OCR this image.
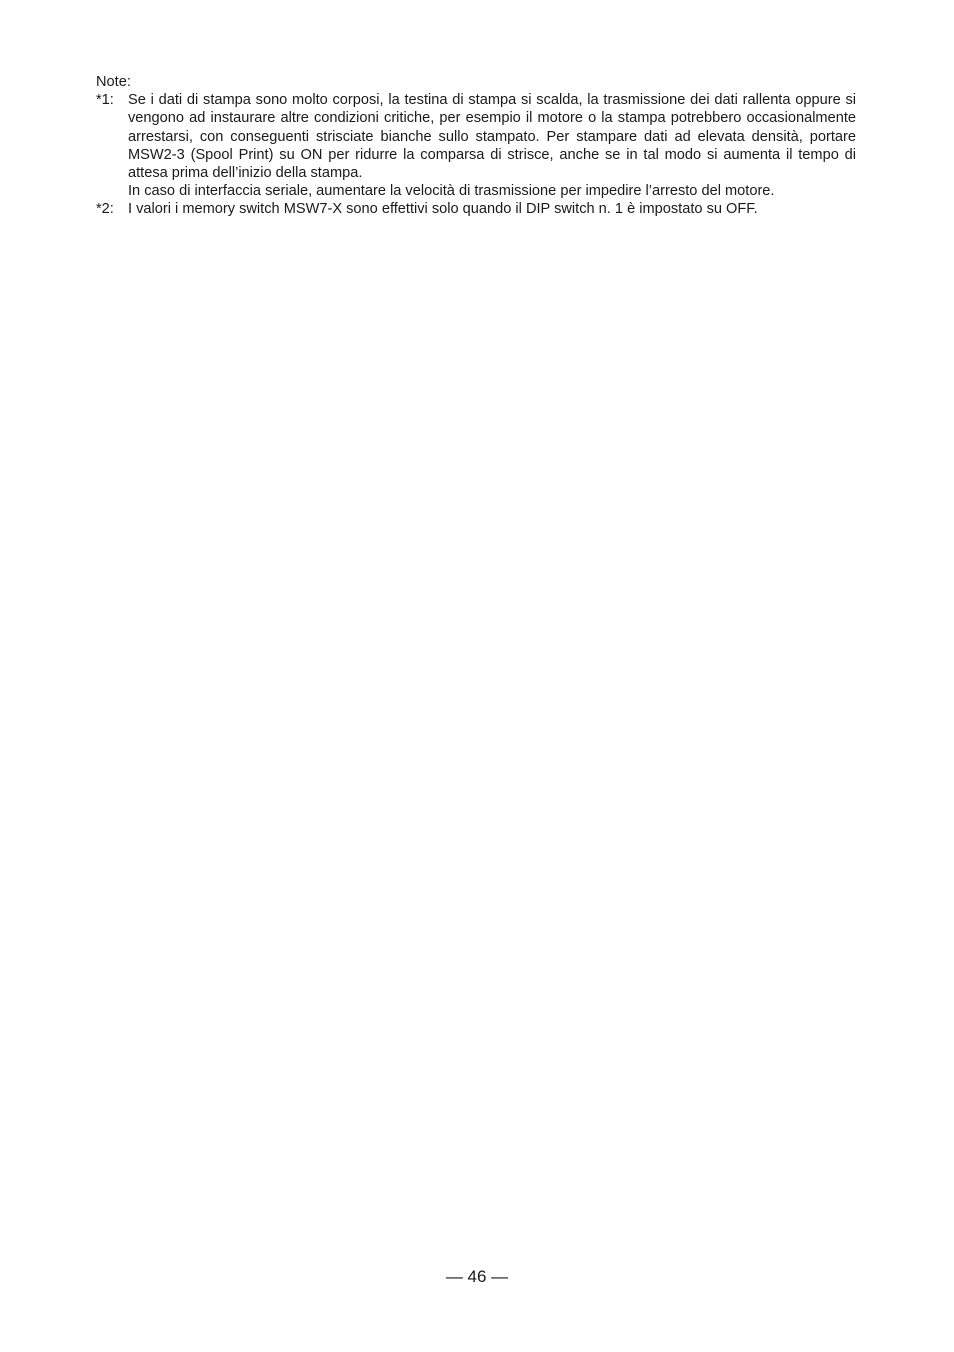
Note:

*1: Se i dati di stampa sono molto corposi, la testina di stampa si scalda, la trasmissione dei dati rallenta oppure si vengono ad instaurare altre condizioni critiche, per esempio il motore o la stampa potrebbero occasionalmente arrestarsi, con conseguenti strisciate bianche sullo stampato. Per stampare dati ad elevata densità, portare MSW2-3 (Spool Print) su ON per ridurre la comparsa di strisce, anche se in tal modo si aumenta il tempo di attesa prima dell’inizio della stampa.

In caso di interfaccia seriale, aumentare la velocità di trasmissione per impedire l’arresto del motore.

*2: I valori i memory switch MSW7-X sono effettivi solo quando il DIP switch n. 1 è impostato su OFF.

— 46 —
